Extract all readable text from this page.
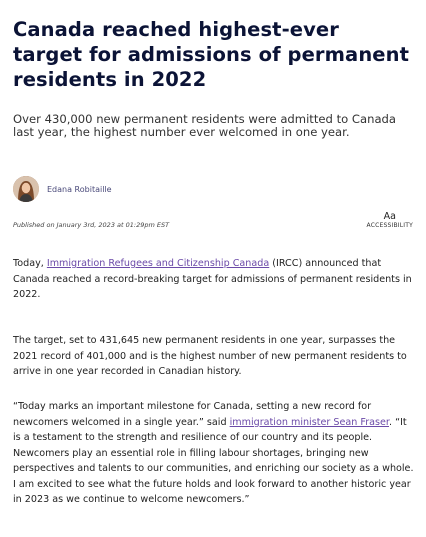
Canada reached highest-ever target for admissions of permanent residents in 2022

Over 430,000 new permanent residents were admitted to Canada last year, the highest number ever welcomed in one year.

Edana Robitaille
Published on January 3rd, 2023 at 01:29pm EST
Aa
ACCESSIBILITY

Today, Immigration Refugees and Citizenship Canada (IRCC) announced that Canada reached a record-breaking target for admissions of permanent residents in 2022.

The target, set to 431,645 new permanent residents in one year, surpasses the 2021 record of 401,000 and is the highest number of new permanent residents to arrive in one year recorded in Canadian history.

“Today marks an important milestone for Canada, setting a new record for newcomers welcomed in a single year.” said immigration minister Sean Fraser. “It is a testament to the strength and resilience of our country and its people. Newcomers play an essential role in filling labour shortages, bringing new perspectives and talents to our communities, and enriching our society as a whole. I am excited to see what the future holds and look forward to another historic year in 2023 as we continue to welcome newcomers.”
